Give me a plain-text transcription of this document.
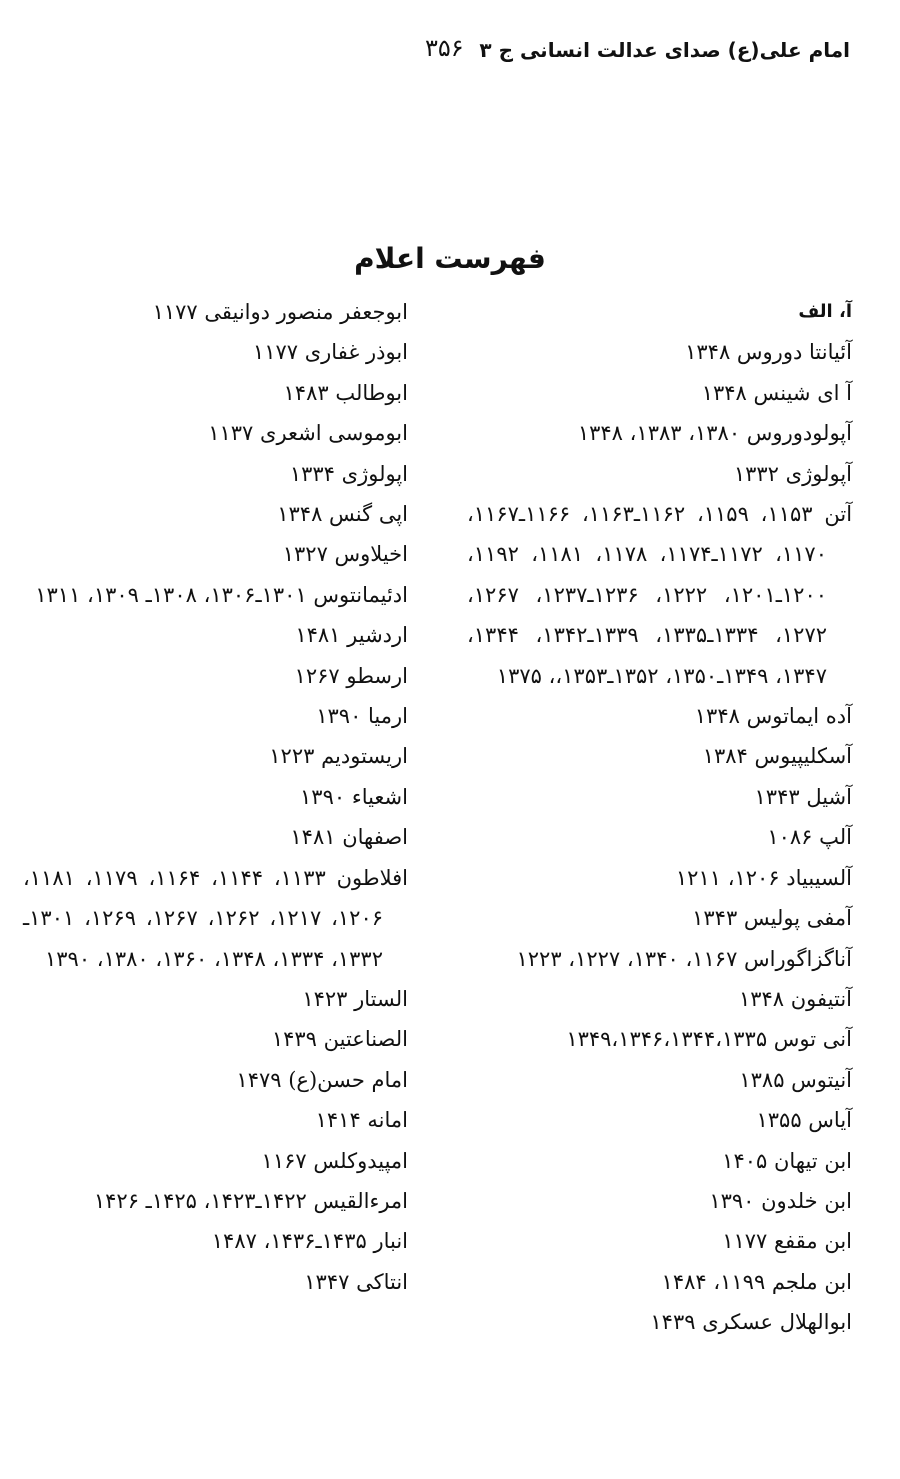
امام علی(ع) صدای عدالت انسانی ج ۳
۳۵۶
فهرست اعلام
آ، الف
آئیانتا دوروس ۱۳۴۸
آ ای شینس ۱۳۴۸
آپولودوروس ۱۳۸۰، ۱۳۸۳، ۱۳۴۸
آپولوژی ۱۳۳۲
آتن ۱۱۵۳، ۱۱۵۹، ۱۱۶۲ـ۱۱۶۳، ۱۱۶۶ـ۱۱۶۷، ۱۱۷۰، ۱۱۷۲ـ۱۱۷۴، ۱۱۷۸، ۱۱۸۱، ۱۱۹۲، ۱۲۰۰ـ۱۲۰۱، ۱۲۲۲، ۱۲۳۶ـ۱۲۳۷، ۱۲۶۷، ۱۲۷۲، ۱۳۳۴ـ۱۳۳۵، ۱۳۳۹ـ۱۳۴۲، ۱۳۴۴، ۱۳۴۷، ۱۳۴۹ـ۱۳۵۰، ۱۳۵۲ـ۱۳۵۳،، ۱۳۷۵
آده ایماتوس ۱۳۴۸
آسکلیپیوس ۱۳۸۴
آشیل ۱۳۴۳
آلپ ۱۰۸۶
آلسیبیاد ۱۲۰۶، ۱۲۱۱
آمفی پولیس ۱۳۴۳
آناگزاگوراس ۱۱۶۷، ۱۳۴۰، ۱۲۲۷، ۱۲۲۳
آنتیفون ۱۳۴۸
آنی توس ۱۳۴۹،۱۳۴۶،۱۳۴۴،۱۳۳۵
آنیتوس ۱۳۸۵
آیاس ۱۳۵۵
ابن تیهان ۱۴۰۵
ابن خلدون ۱۳۹۰
ابن مقفع ۱۱۷۷
ابن ملجم ۱۱۹۹، ۱۴۸۴
ابوالهلال عسکری ۱۴۳۹
ابوجعفر منصور دوانیقی ۱۱۷۷
ابوذر غفاری ۱۱۷۷
ابوطالب ۱۴۸۳
ابوموسی اشعری ۱۱۳۷
اپولوژی ۱۳۳۴
اپی گنس ۱۳۴۸
اخیلاوس ۱۳۲۷
ادئیمانتوس ۱۳۰۱ـ۱۳۰۶، ۱۳۰۸ـ ۱۳۰۹، ۱۳۱۱
اردشیر ۱۴۸۱
ارسطو ۱۲۶۷
ارمیا ۱۳۹۰
اریستودیم ۱۲۲۳
اشعیاء ۱۳۹۰
اصفهان ۱۴۸۱
افلاطون ۱۱۳۳، ۱۱۴۴، ۱۱۶۴، ۱۱۷۹، ۱۱۸۱، ۱۲۰۶، ۱۲۱۷، ۱۲۶۲، ۱۲۶۷، ۱۲۶۹، ۱۳۰۱ـ ۱۳۳۲، ۱۳۳۴، ۱۳۴۸، ۱۳۶۰، ۱۳۸۰، ۱۳۹۰
الستار ۱۴۲۳
الصناعتین ۱۴۳۹
امام حسن(ع) ۱۴۷۹
امانه ۱۴۱۴
امپیدوکلس ۱۱۶۷
امرءالقیس ۱۴۲۲ـ۱۴۲۳، ۱۴۲۵ـ ۱۴۲۶
انبار ۱۴۳۵ـ۱۴۳۶، ۱۴۸۷
انتاکی ۱۳۴۷
